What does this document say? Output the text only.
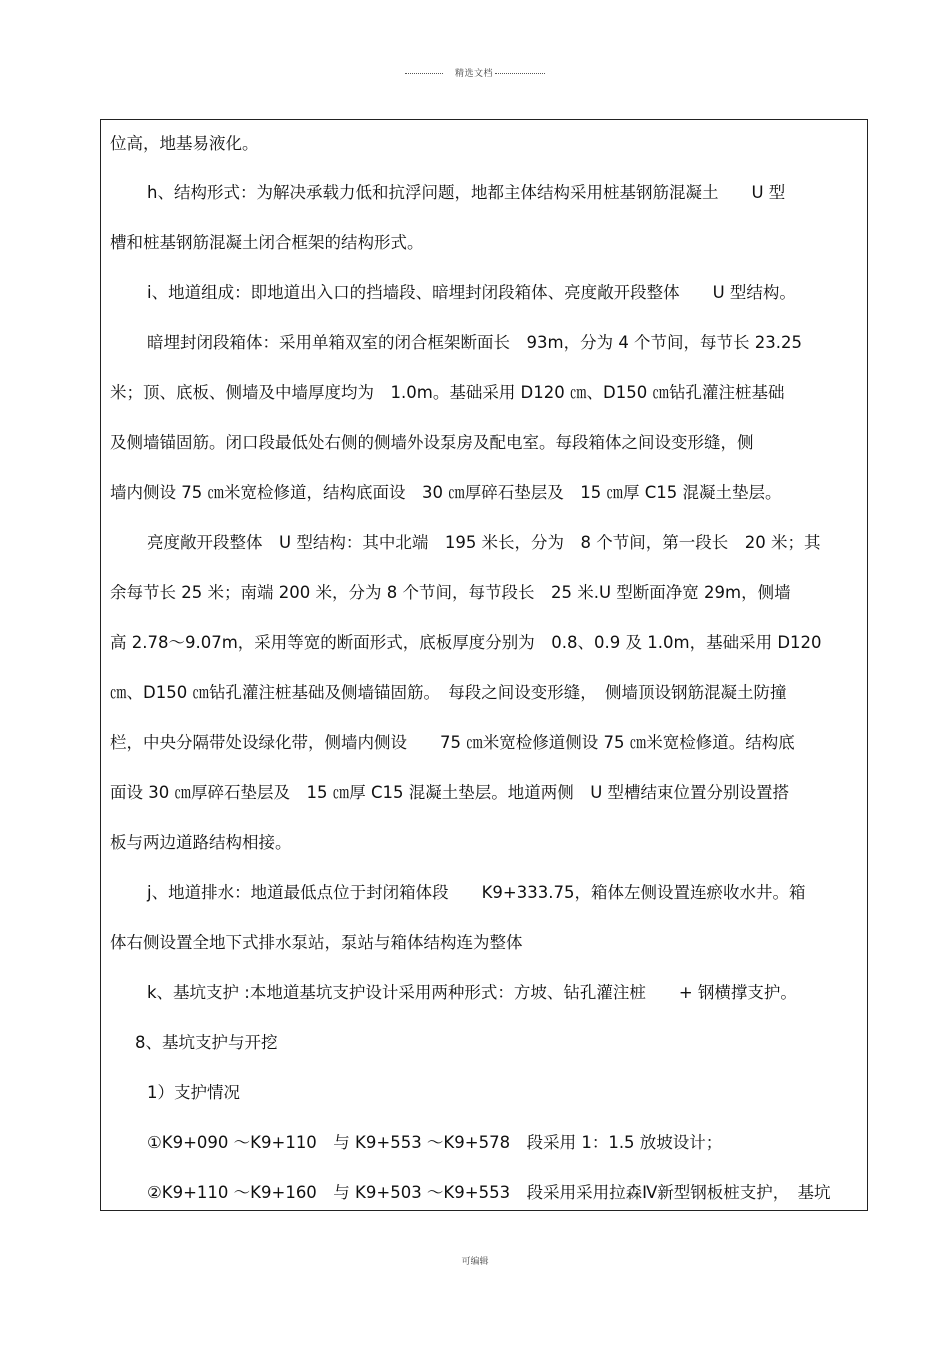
精选文档
位高，地基易液化。
h、结构形式：为解决承载力低和抗浮问题，地都主体结构采用桩基钢筋混凝土　　U 型
槽和桩基钢筋混凝土闭合框架的结构形式。
i、地道组成：即地道出入口的挡墙段、暗埋封闭段箱体、亮度敞开段整体　　U 型结构。
暗埋封闭段箱体：采用单箱双室的闭合框架断面长　93m，分为 4 个节间，每节长 23.25
米；顶、底板、侧墙及中墙厚度均为　1.0m。基础采用 D120 ㎝、D150 ㎝钻孔灌注桩基础
及侧墙锚固筋。闭口段最低处右侧的侧墙外设泵房及配电室。每段箱体之间设变形缝，侧
墙内侧设 75 ㎝米宽检修道，结构底面设　30 ㎝厚碎石垫层及　15 ㎝厚 C15 混凝土垫层。
亮度敞开段整体　U 型结构：其中北端　195 米长，分为　8 个节间，第一段长　20 米；其
余每节长 25 米；南端 200 米，分为 8 个节间，每节段长　25 米.U 型断面净宽 29m，侧墙
高 2.78～9.07m，采用等宽的断面形式，底板厚度分别为　0.8、0.9 及 1.0m，基础采用 D120
㎝、D150 ㎝钻孔灌注桩基础及侧墙锚固筋。　每段之间设变形缝，　侧墙顶设钢筋混凝土防撞
栏，中央分隔带处设绿化带，侧墙内侧设　　75 ㎝米宽检修道侧设 75 ㎝米宽检修道。结构底
面设 30 ㎝厚碎石垫层及　15 ㎝厚 C15 混凝土垫层。地道两侧　U 型槽结束位置分别设置搭
板与两边道路结构相接。
j、地道排水：地道最低点位于封闭箱体段　　K9+333.75，箱体左侧设置连瘀收水井。箱
体右侧设置全地下式排水泵站，泵站与箱体结构连为整体
k、基坑支护 :本地道基坑支护设计采用两种形式：方坡、钻孔灌注桩　　+ 钢横撑支护。
8、基坑支护与开挖
1）支护情况
①K9+090 ～K9+110　与 K9+553 ～K9+578　段采用 1：1.5 放坡设计；
②K9+110 ～K9+160　与 K9+503 ～K9+553　段采用采用拉森Ⅳ新型钢板桩支护，　基坑
可编辑
